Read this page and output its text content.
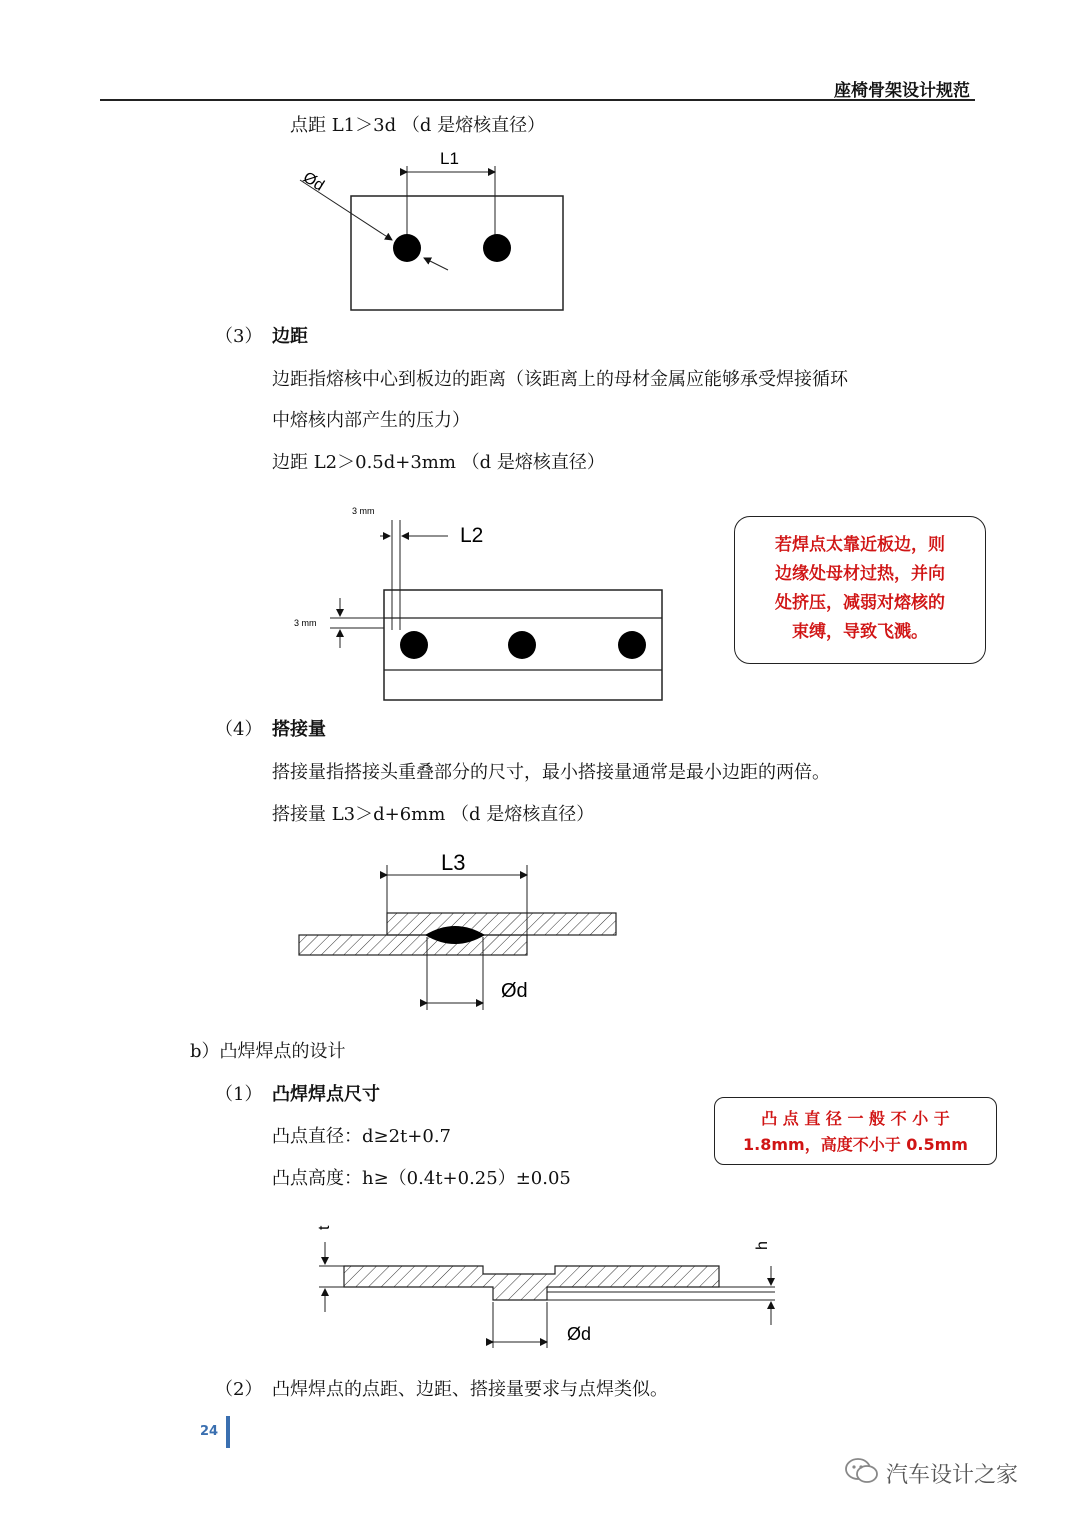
座椅骨架设计规范
点距 L1＞3d （d 是熔核直径）
L1
Ød
（3） 边距
边距指熔核中心到板边的距离（该距离上的母材金属应能够承受焊接循环
中熔核内部产生的压力）
边距 L2＞0.5d+3mm （d 是熔核直径）
3 mm
L2
3 mm
若焊点太靠近板边，则
边缘处母材过热，并向
处挤压，减弱对熔核的
束缚，导致飞溅。
（4） 搭接量
搭接量指搭接头重叠部分的尺寸，最小搭接量通常是最小边距的两倍。
搭接量 L3＞d+6mm （d 是熔核直径）
L3
Ød
b）凸焊焊点的设计
（1） 凸焊焊点尺寸
凸点直径：d≥2t+0.7
凸点高度：h≥（0.4t+0.25）±0.05
凸 点 直 径 一 般 不 小 于
1.8mm，高度不小于 0.5mm
t
h
Ød
（2） 凸焊焊点的点距、边距、搭接量要求与点焊类似。
24
汽车设计之家
